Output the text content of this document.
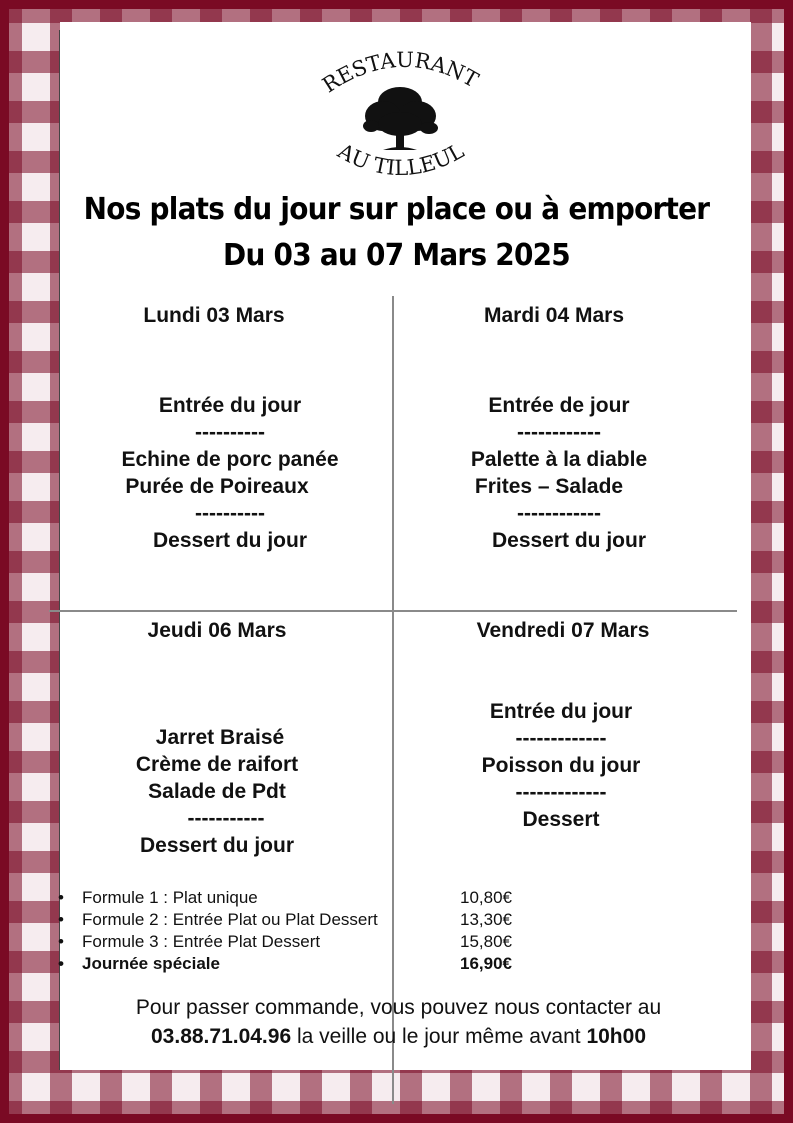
RESTAURANT
AU TILLEUL
Nos plats du jour sur place ou à emporter
Du 03 au 07 Mars 2025
Lundi 03 Mars
Entrée du jour
----------
Echine de porc panée
Purée de Poireaux
----------
Dessert du jour
Mardi 04 Mars
Entrée de jour
------------
Palette à la diable
Frites – Salade
------------
Dessert du jour
Jeudi 06 Mars
Jarret Braisé
Crème de raifort
Salade de Pdt
-----------
Dessert du jour
Vendredi 07 Mars
Entrée du jour
-------------
Poisson du jour
-------------
Dessert
• Formule 1 : Plat unique	10,80€
• Formule 2 : Entrée Plat ou Plat Dessert	13,30€
• Formule 3 : Entrée Plat Dessert	15,80€
• Journée spéciale	16,90€
Pour passer commande, vous pouvez nous contacter au
03.88.71.04.96 la veille ou le jour même avant 10h00
